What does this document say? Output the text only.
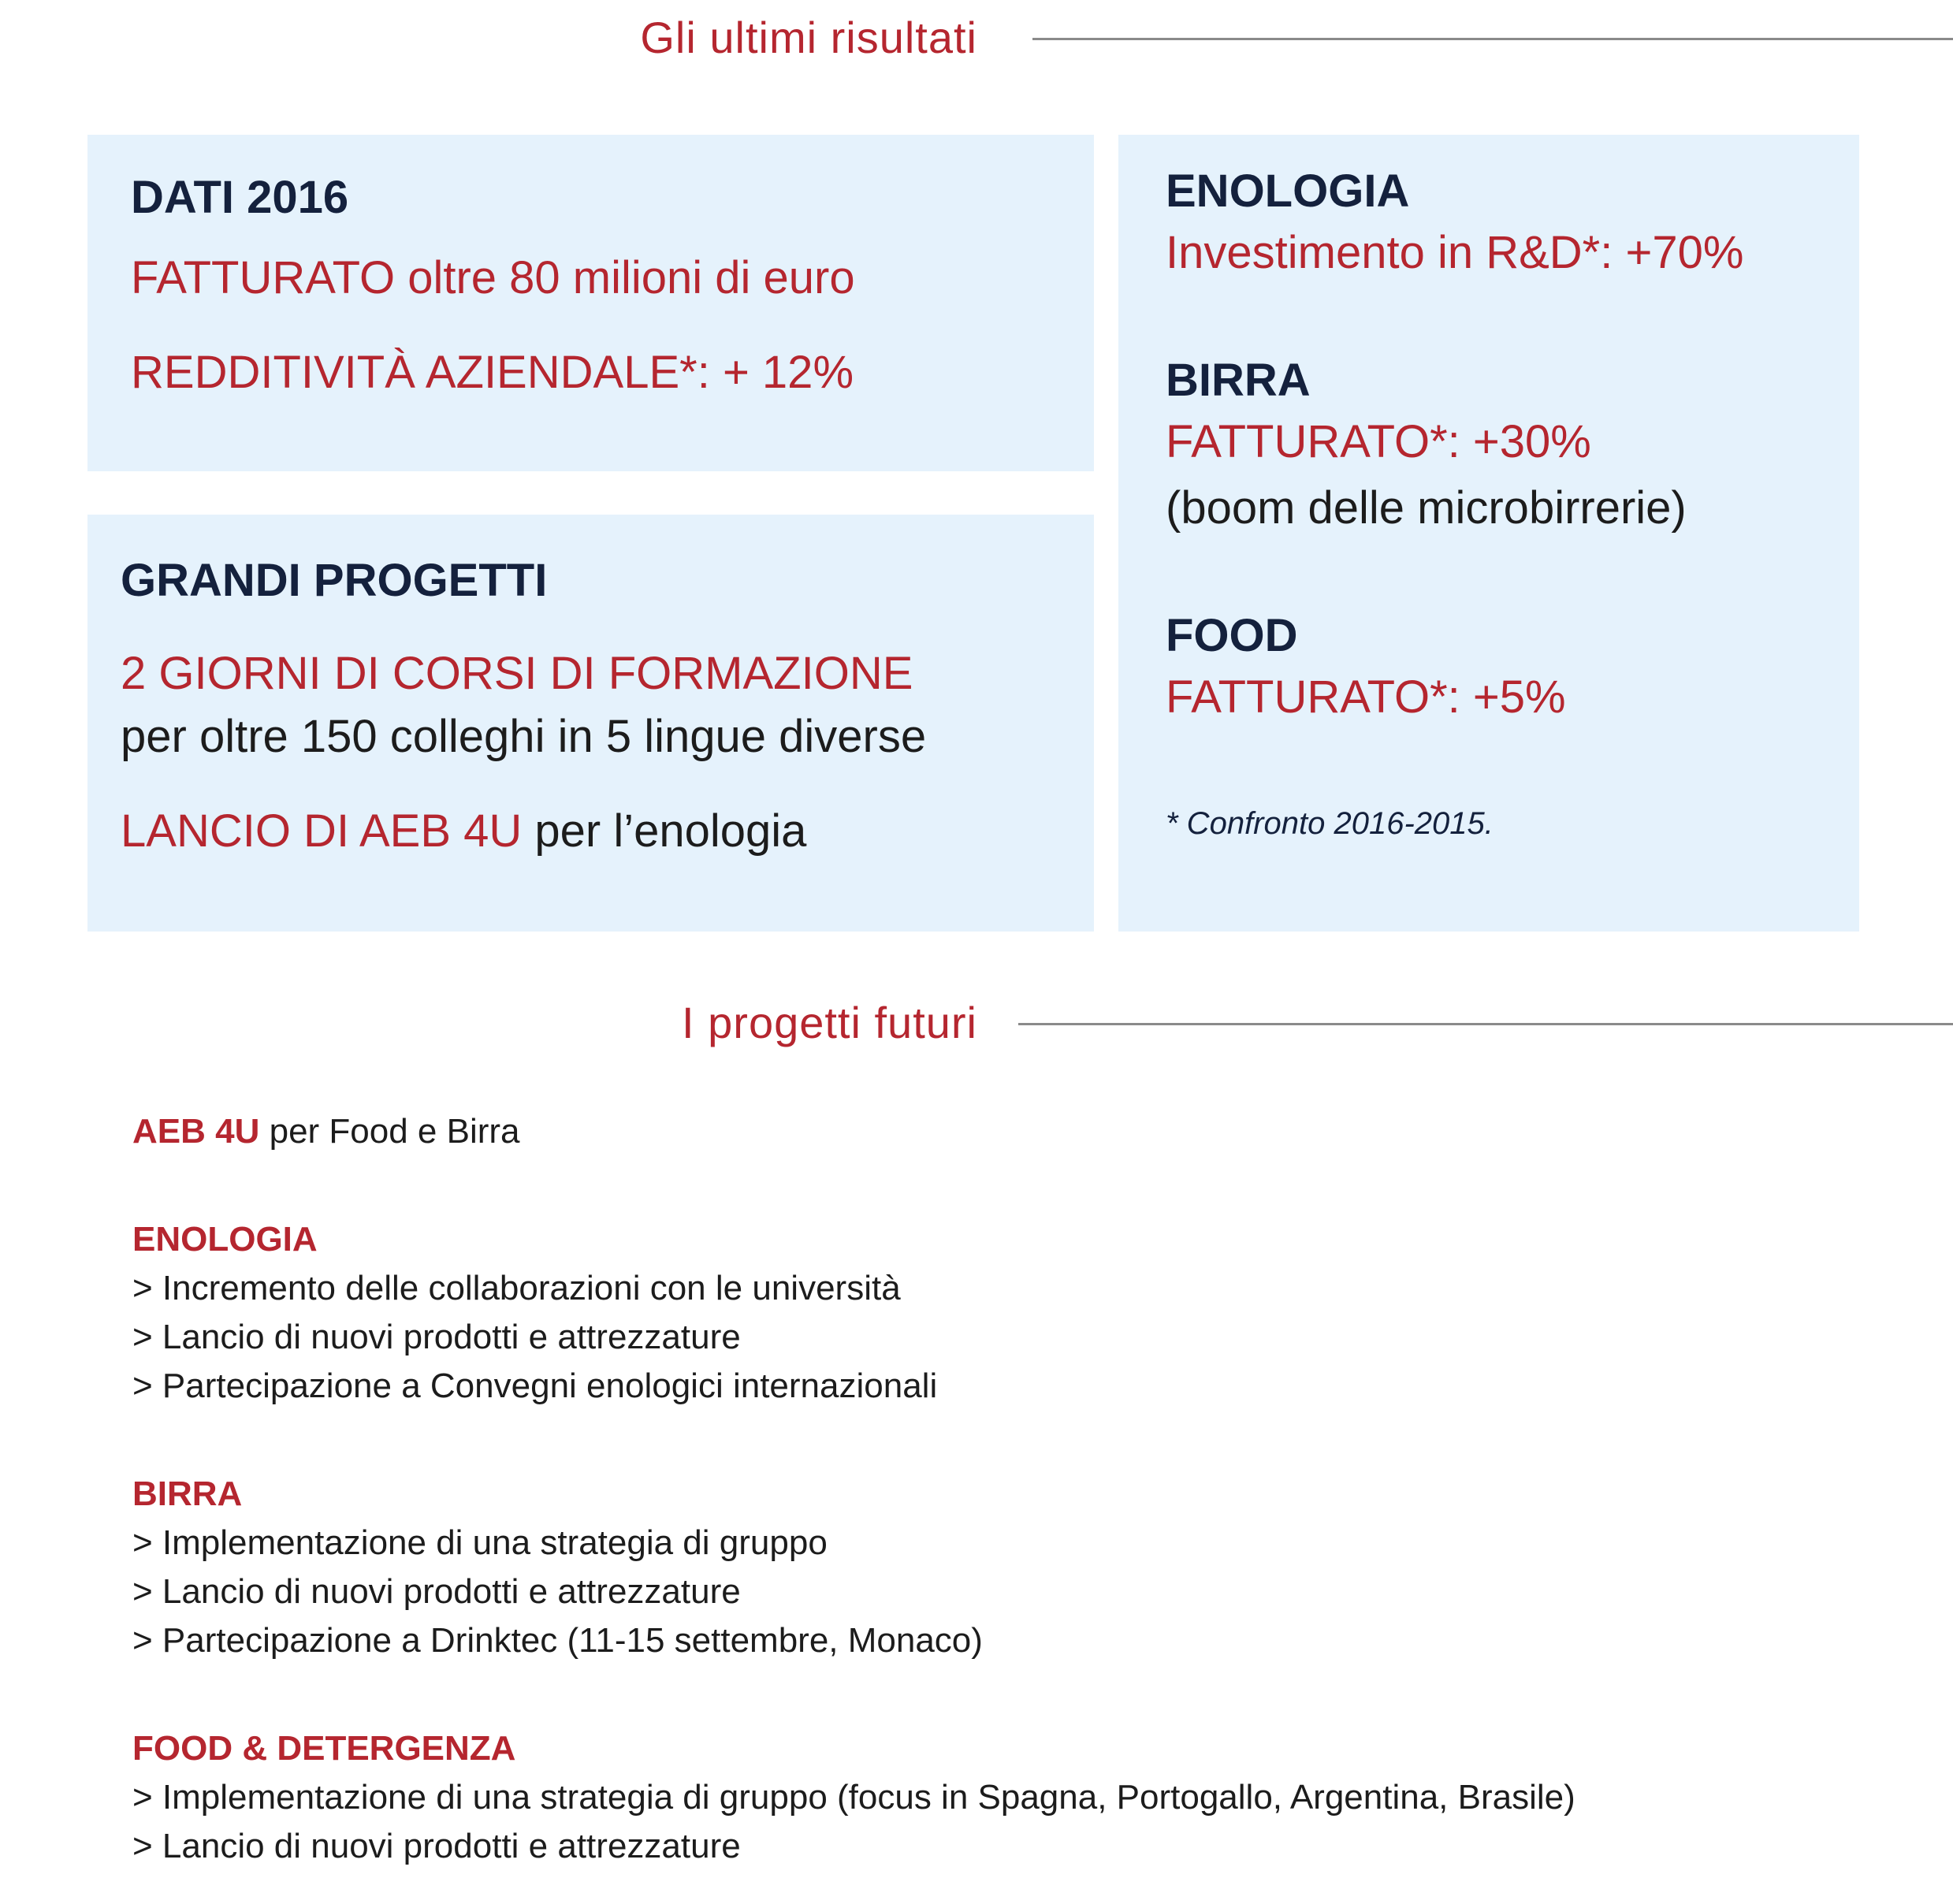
Gli ultimi risultati
DATI 2016
FATTURATO oltre 80 milioni di euro
REDDITIVITÀ AZIENDALE*: + 12%
GRANDI PROGETTI
2 GIORNI DI CORSI DI FORMAZIONE
per oltre 150 colleghi in 5 lingue diverse
LANCIO DI AEB 4U per l’enologia
ENOLOGIA
Investimento in R&D*: +70%
BIRRA
FATTURATO*: +30%
(boom delle microbirrerie)
FOOD
FATTURATO*: +5%
* Confronto 2016-2015.
I progetti futuri
AEB 4U per Food e Birra
ENOLOGIA
> Incremento delle collaborazioni con le università
> Lancio di nuovi prodotti e attrezzature
> Partecipazione a Convegni enologici internazionali
BIRRA
> Implementazione di una strategia di gruppo
> Lancio di nuovi prodotti e attrezzature
> Partecipazione a Drinktec (11-15 settembre, Monaco)
FOOD & DETERGENZA
> Implementazione di una strategia di gruppo (focus in Spagna, Portogallo, Argentina, Brasile)
> Lancio di nuovi prodotti e attrezzature
